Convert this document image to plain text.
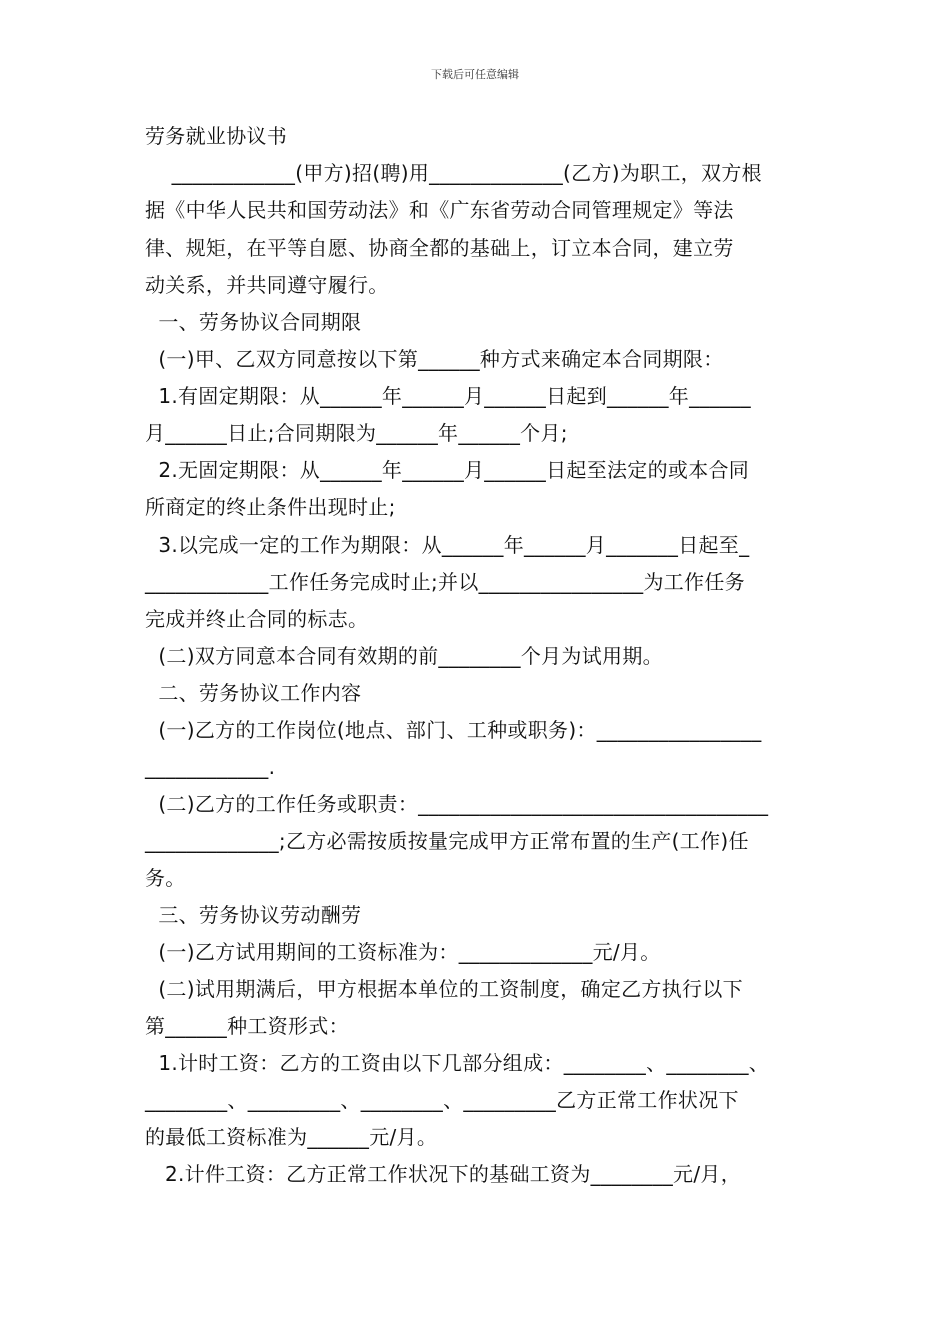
下载后可任意编辑
劳务就业协议书
____________(甲方)招(聘)用_____________(乙方)为职工，双方根
据《中华人民共和国劳动法》和《广东省劳动合同管理规定》等法
律、规矩，在平等自愿、协商全都的基础上，订立本合同，建立劳
动关系，并共同遵守履行。
一、劳务协议合同期限
(一)甲、乙双方同意按以下第______种方式来确定本合同期限：
1.有固定期限：从______年______月______日起到______年______
月______日止;合同期限为______年______个月;
2.无固定期限：从______年______月______日起至法定的或本合同
所商定的终止条件出现时止;
3.以完成一定的工作为期限：从______年______月_______日起至_
____________工作任务完成时止;并以________________为工作任务
完成并终止合同的标志。
(二)双方同意本合同有效期的前________个月为试用期。
二、劳务协议工作内容
(一)乙方的工作岗位(地点、部门、工种或职务)：________________
____________.
(二)乙方的工作任务或职责：__________________________________
_____________;乙方必需按质按量完成甲方正常布置的生产(工作)任
务。
三、劳务协议劳动酬劳
(一)乙方试用期间的工资标准为：_____________元/月。
(二)试用期满后，甲方根据本单位的工资制度，确定乙方执行以下
第______种工资形式：
1.计时工资：乙方的工资由以下几部分组成：________、________、
________、_________、________、_________乙方正常工作状况下
的最低工资标准为______元/月。
2.计件工资：乙方正常工作状况下的基础工资为________元/月，
